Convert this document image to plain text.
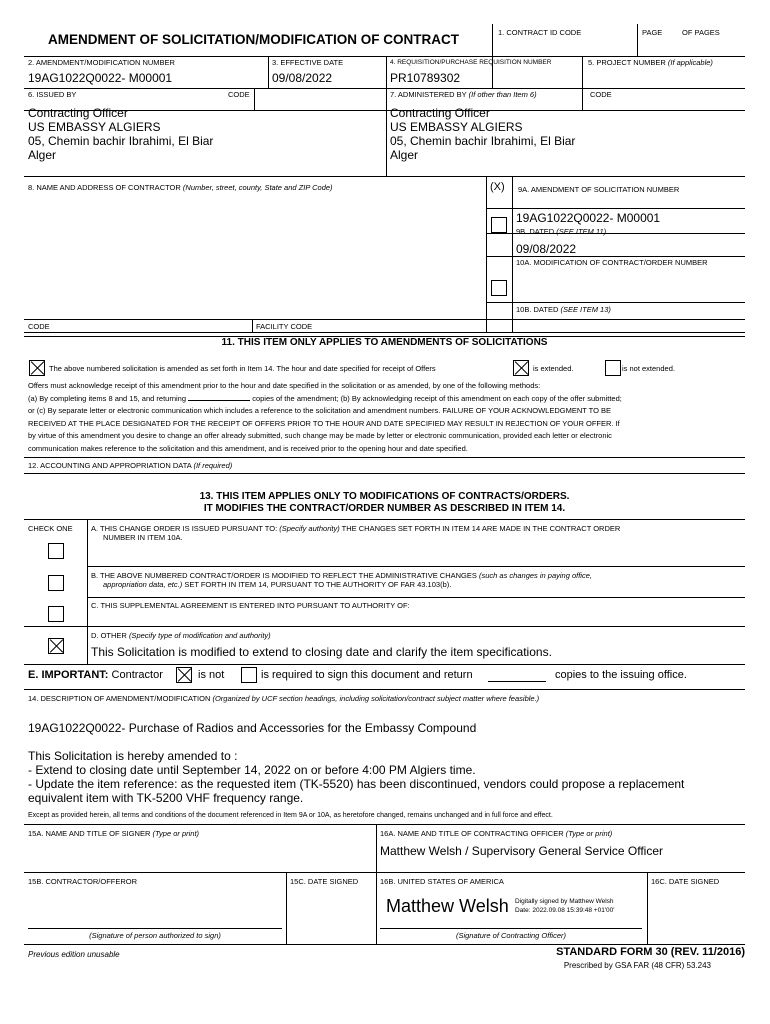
AMENDMENT OF SOLICITATION/MODIFICATION OF CONTRACT	1. CONTRACT ID CODE	PAGE	OF PAGES
2. AMENDMENT/MODIFICATION NUMBER
19AG1022Q0022- M00001
3. EFFECTIVE DATE
09/08/2022
4. REQUISITION/PURCHASE REQUISITION NUMBER
PR10789302
5. PROJECT NUMBER (If applicable)
6. ISSUED BY	CODE
Contracting Officer
US EMBASSY ALGIERS
05, Chemin bachir Ibrahimi, El Biar
Alger
7. ADMINISTERED BY (If other than Item 6)	CODE
Contracting Officer
US EMBASSY ALGIERS
05, Chemin bachir Ibrahimi, El Biar
Alger
8. NAME AND ADDRESS OF CONTRACTOR (Number, street, county, State and ZIP Code)	(X) 9A. AMENDMENT OF SOLICITATION NUMBER
19AG1022Q0022- M00001
9B. DATED (SEE ITEM 11)
09/08/2022
10A. MODIFICATION OF CONTRACT/ORDER NUMBER
10B. DATED (SEE ITEM 13)
CODE	FACILITY CODE
11. THIS ITEM ONLY APPLIES TO AMENDMENTS OF SOLICITATIONS
The above numbered solicitation is amended as set forth in Item 14. The hour and date specified for receipt of Offers	is extended.	is not extended.
Offers must acknowledge receipt of this amendment prior to the hour and date specified in the solicitation or as amended, by one of the following methods:
(a) By completing items 8 and 15, and returning	copies of the amendment; (b) By acknowledging receipt of this amendment on each copy of the offer submitted;
or (c) By separate letter or electronic communication which includes a reference to the solicitation and amendment numbers. FAILURE OF YOUR ACKNOWLEDGMENT TO BE
RECEIVED AT THE PLACE DESIGNATED FOR THE RECEIPT OF OFFERS PRIOR TO THE HOUR AND DATE SPECIFIED MAY RESULT IN REJECTION OF YOUR OFFER. If
by virtue of this amendment you desire to change an offer already submitted, such change may be made by letter or electronic communication, provided each letter or electronic
communication makes reference to the solicitation and this amendment, and is received prior to the opening hour and date specified.
12. ACCOUNTING AND APPROPRIATION DATA (If required)
13. THIS ITEM APPLIES ONLY TO MODIFICATIONS OF CONTRACTS/ORDERS.
IT MODIFIES THE CONTRACT/ORDER NUMBER AS DESCRIBED IN ITEM 14.
CHECK ONE A. THIS CHANGE ORDER IS ISSUED PURSUANT TO: (Specify authority) THE CHANGES SET FORTH IN ITEM 14 ARE MADE IN THE CONTRACT ORDER
NUMBER IN ITEM 10A.
B. THE ABOVE NUMBERED CONTRACT/ORDER IS MODIFIED TO REFLECT THE ADMINISTRATIVE CHANGES (such as changes in paying office,
appropriation data, etc.) SET FORTH IN ITEM 14, PURSUANT TO THE AUTHORITY OF FAR 43.103(b).
C. THIS SUPPLEMENTAL AGREEMENT IS ENTERED INTO PURSUANT TO AUTHORITY OF:
D. OTHER (Specify type of modification and authority)
This Solicitation is modified to extend to closing date and clarify the item specifications.
E. IMPORTANT: Contractor	is not	is required to sign this document and return	copies to the issuing office.
14. DESCRIPTION OF AMENDMENT/MODIFICATION (Organized by UCF section headings, including solicitation/contract subject matter where feasible.)
19AG1022Q0022- Purchase of Radios and Accessories for the Embassy Compound
This Solicitation is hereby amended to :
- Extend to closing date until September 14, 2022 on or before 4:00 PM Algiers time.
- Update the item reference: as the requested item (TK-5520) has been discontinued, vendors could propose a replacement
equivalent item with TK-5200 VHF frequency range.
Except as provided herein, all terms and conditions of the document referenced in Item 9A or 10A, as heretofore changed, remains unchanged and in full force and effect.
15A. NAME AND TITLE OF SIGNER (Type or print)	16A. NAME AND TITLE OF CONTRACTING OFFICER (Type or print)
Matthew Welsh / Supervisory General Service Officer
15B. CONTRACTOR/OFFEROR	15C. DATE SIGNED	16B. UNITED STATES OF AMERICA	16C. DATE SIGNED
Matthew Welsh Digitally signed by Matthew Welsh
Date: 2022.09.08 15:39:48 +01'00'
(Signature of person authorized to sign)	(Signature of Contracting Officer)
Previous edition unusable	STANDARD FORM 30 (REV. 11/2016)
Prescribed by GSA FAR (48 CFR) 53.243
